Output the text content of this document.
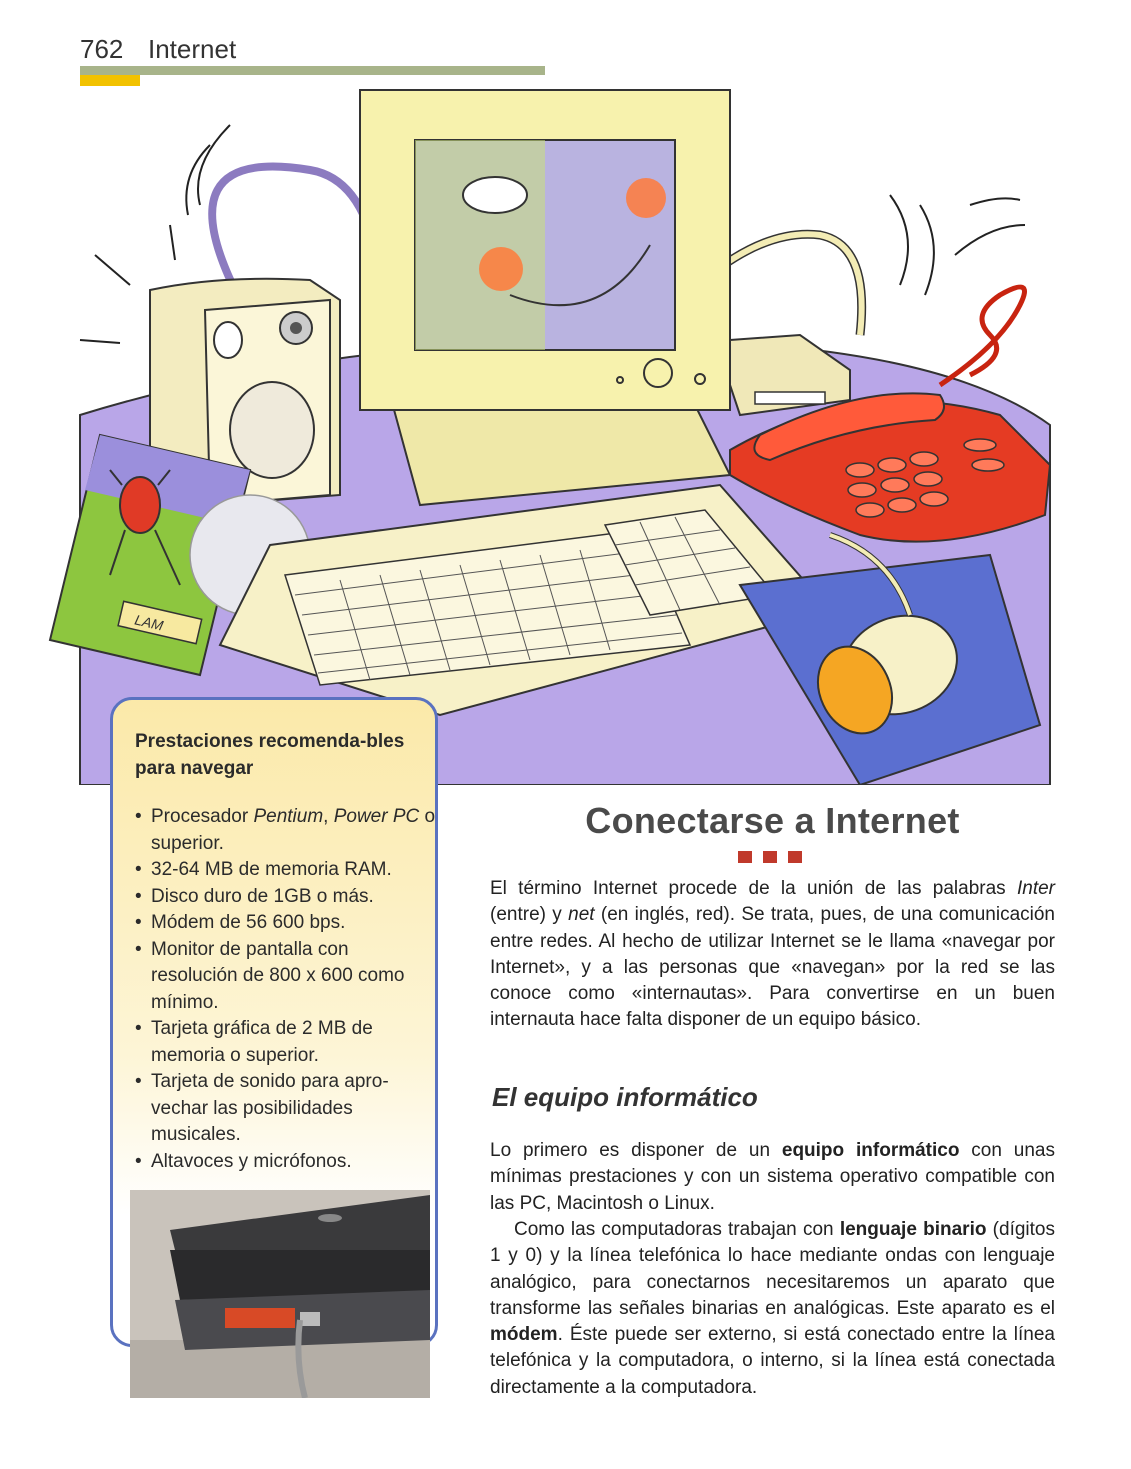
762 Internet
LAM
Prestaciones recomenda-bles para navegar
• Procesador Pentium, Power PC o superior.
• 32-64 MB de memoria RAM.
• Disco duro de 1GB o más.
• Módem de 56 600 bps.
• Monitor de pantalla con resolución de 800 x 600 como mínimo.
• Tarjeta gráfica de 2 MB de memoria o superior.
• Tarjeta de sonido para apro-vechar las posibilidades musicales.
• Altavoces y micrófonos.
Conectarse a Internet

El término Internet procede de la unión de las palabras Inter (entre) y net (en inglés, red). Se trata, pues, de una comunicación entre redes. Al hecho de utilizar Internet se le llama «navegar por Internet», y a las personas que «navegan» por la red se las conoce como «internautas». Para convertirse en un buen internauta hace falta disponer de un equipo básico.

El equipo informático

Lo primero es disponer de un equipo informático con unas mínimas prestaciones y con un sistema operativo compatible con las PC, Macintosh o Linux.

Como las computadoras trabajan con lenguaje binario (dígitos 1 y 0) y la línea telefónica lo hace mediante ondas con lenguaje analógico, para conectarnos necesitaremos un aparato que transforme las señales binarias en analógicas. Este aparato es el módem. Éste puede ser externo, si está conectado entre la línea telefónica y la computadora, o interno, si la línea está conectada directamente a la computadora.
